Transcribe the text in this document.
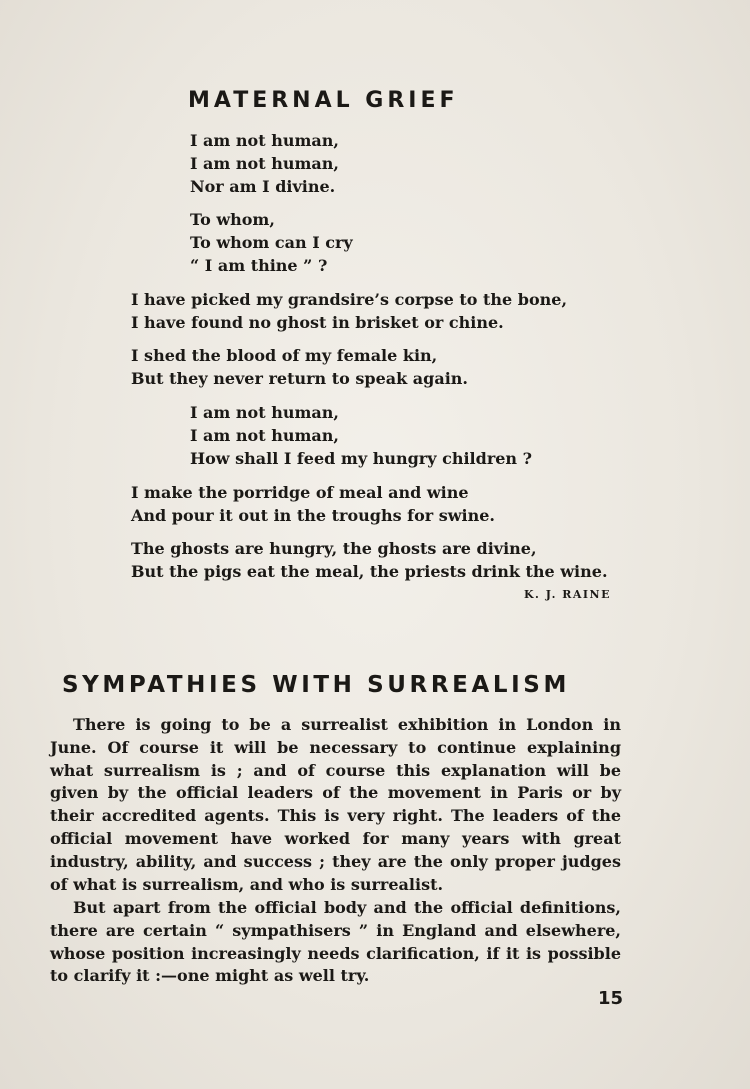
MATERNAL GRIEF
I am not human,
I am not human,
Nor am I divine.
To whom,
To whom can I cry
“ I am thine ” ?
I have picked my grandsire’s corpse to the bone,
I have found no ghost in brisket or chine.
I shed the blood of my female kin,
But they never return to speak again.
I am not human,
I am not human,
How shall I feed my hungry children ?
I make the porridge of meal and wine
And pour it out in the troughs for swine.
The ghosts are hungry, the ghosts are divine,
But the pigs eat the meal, the priests drink the wine.
K. J. RAINE
SYMPATHIES WITH SURREALISM

There is going to be a surrealist exhibition in London in June. Of course it will be necessary to continue explaining what surrealism is ; and of course this explanation will be given by the official leaders of the movement in Paris or by their accredited agents. This is very right. The leaders of the official movement have worked for many years with great industry, ability, and success ; they are the only proper judges of what is surrealism, and who is surrealist.

But apart from the official body and the official definitions, there are certain “ sympathisers ” in England and elsewhere, whose position increasingly needs clarification, if it is possible to clarify it :—one might as well try.

15
